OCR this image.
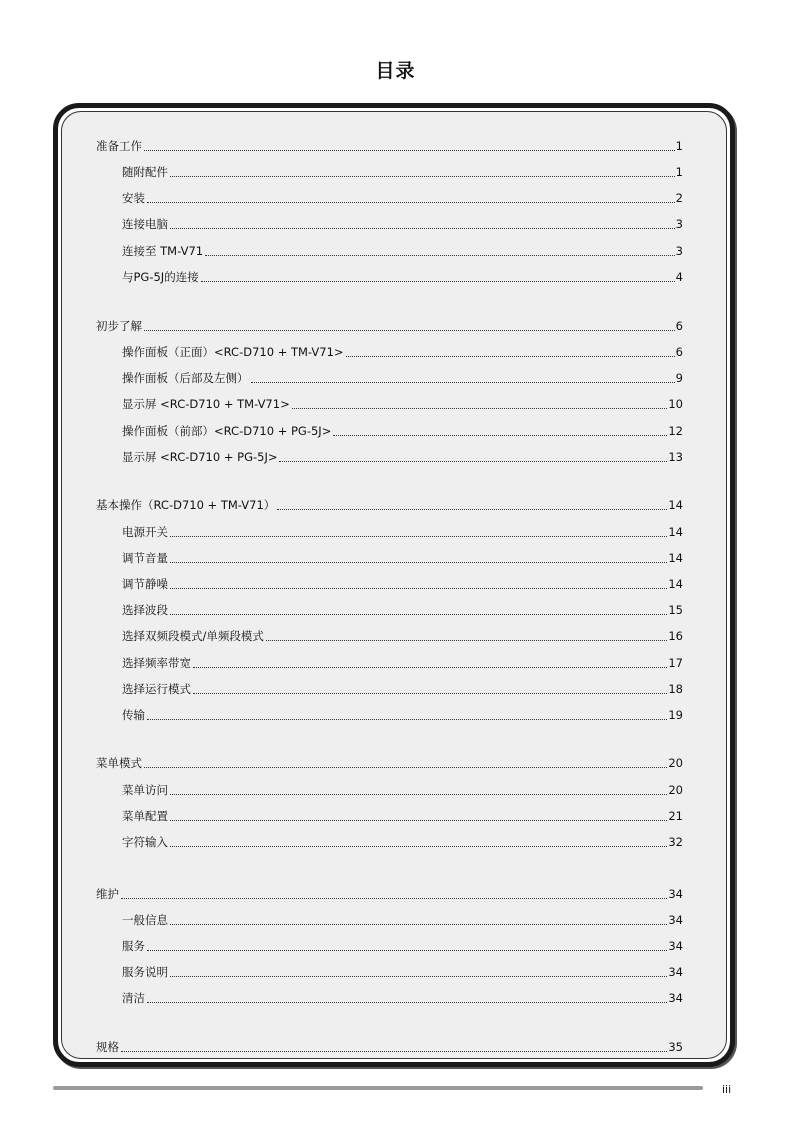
目录
准备工作	1
随附配件	1
安装	2
连接电脑	3
连接至 TM-V71	3
与PG-5J的连接	4
初步了解	6
操作面板（正面）<RC-D710 + TM-V71>	6
操作面板（后部及左侧）	9
显示屏 <RC-D710 + TM-V71>	10
操作面板（前部）<RC-D710 + PG-5J>	12
显示屏 <RC-D710 + PG-5J>	13
基本操作（RC-D710 + TM-V71）	14
电源开关	14
调节音量	14
调节静噪	14
选择波段	15
选择双频段模式/单频段模式	16
选择频率带宽	17
选择运行模式	18
传输	19
菜单模式	20
菜单访问	20
菜单配置	21
字符输入	32
维护	34
一般信息	34
服务	34
服务说明	34
清洁	34
规格	35
iii
